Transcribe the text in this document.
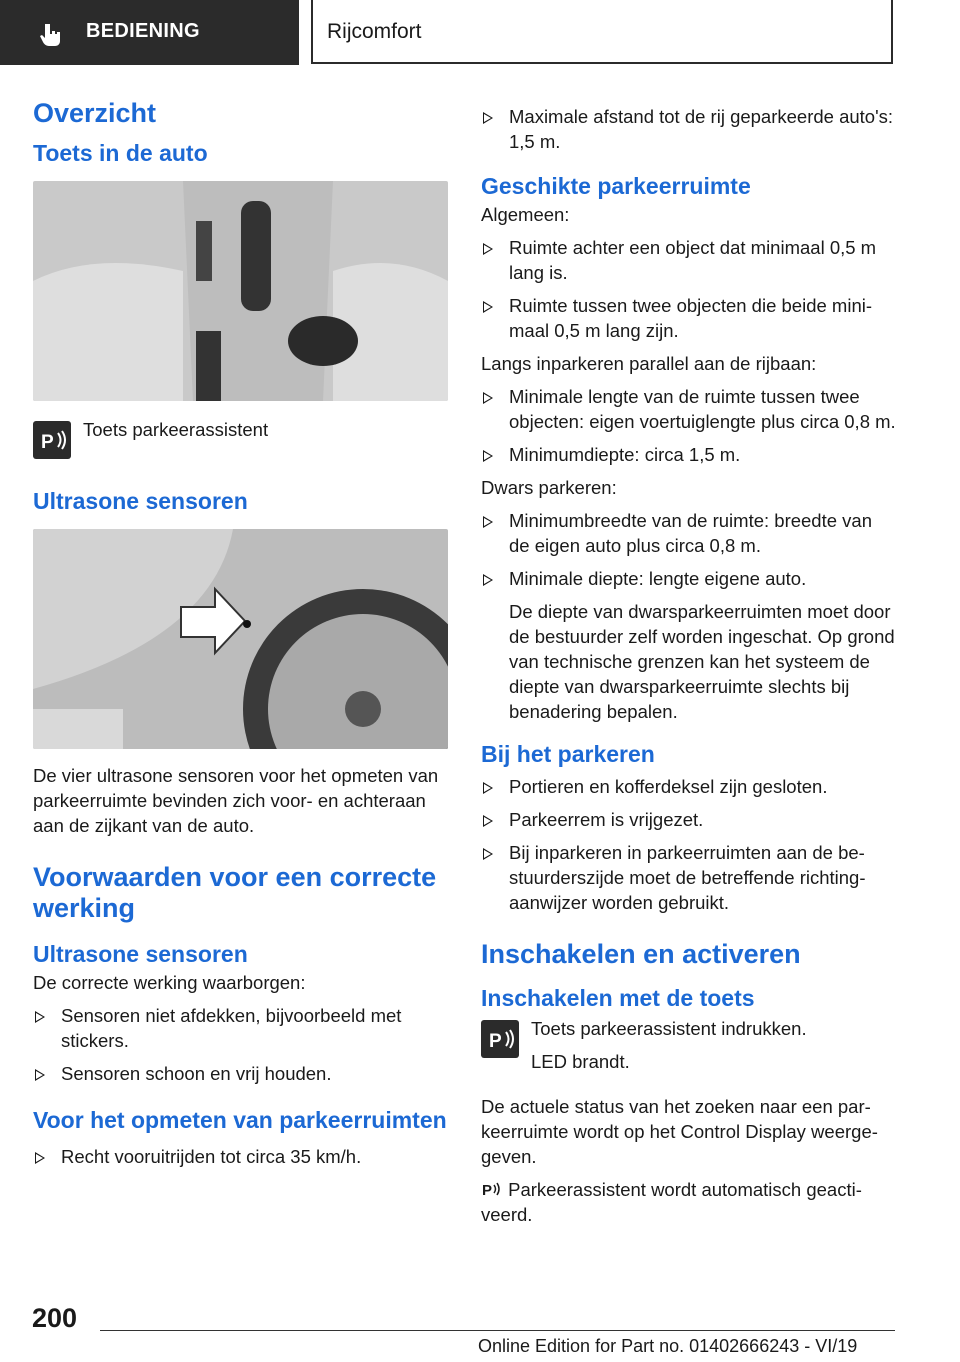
BEDIENING	Rijcomfort
Overzicht
Toets in de auto
P
Toets parkeerassistent
Ultrasone sensoren
De vier ultrasone sensoren voor het opmeten van parkeerruimte bevinden zich voor- en achteraan aan de zijkant van de auto.
Voorwaarden voor een correcte werking
Ultrasone sensoren
De correcte werking waarborgen:
Sensoren niet afdekken, bijvoorbeeld met stickers.
Sensoren schoon en vrij houden.
Voor het opmeten van parkeerruimten
Recht vooruitrijden tot circa 35 km/h.
Maximale afstand tot de rij geparkeerde auto's: 1,5 m.
Geschikte parkeerruimte
Algemeen:
Ruimte achter een object dat minimaal 0,5 m lang is.
Ruimte tussen twee objecten die beide minimaal 0,5 m lang zijn.
Langs inparkeren parallel aan de rijbaan:
Minimale lengte van de ruimte tussen twee objecten: eigen voertuiglengte plus circa 0,8 m.
Minimumdiepte: circa 1,5 m.
Dwars parkeren:
Minimumbreedte van de ruimte: breedte van de eigen auto plus circa 0,8 m.
Minimale diepte: lengte eigene auto.
De diepte van dwarsparkeerruimten moet door de bestuurder zelf worden ingeschat. Op grond van technische grenzen kan het systeem de diepte van dwarsparkeerruimte slechts bij benadering bepalen.
Bij het parkeren
Portieren en kofferdeksel zijn gesloten.
Parkeerrem is vrijgezet.
Bij inparkeren in parkeerruimten aan de bestuurderszijde moet de betreffende richtingaanwijzer worden gebruikt.
Inschakelen en activeren
Inschakelen met de toets
P
Toets parkeerassistent indrukken.
LED brandt.
De actuele status van het zoeken naar een parkeerruimte wordt op het Control Display weergegeven.
P Parkeerassistent wordt automatisch geactiveerd.
200
Online Edition for Part no. 01402666243 - VI/19
